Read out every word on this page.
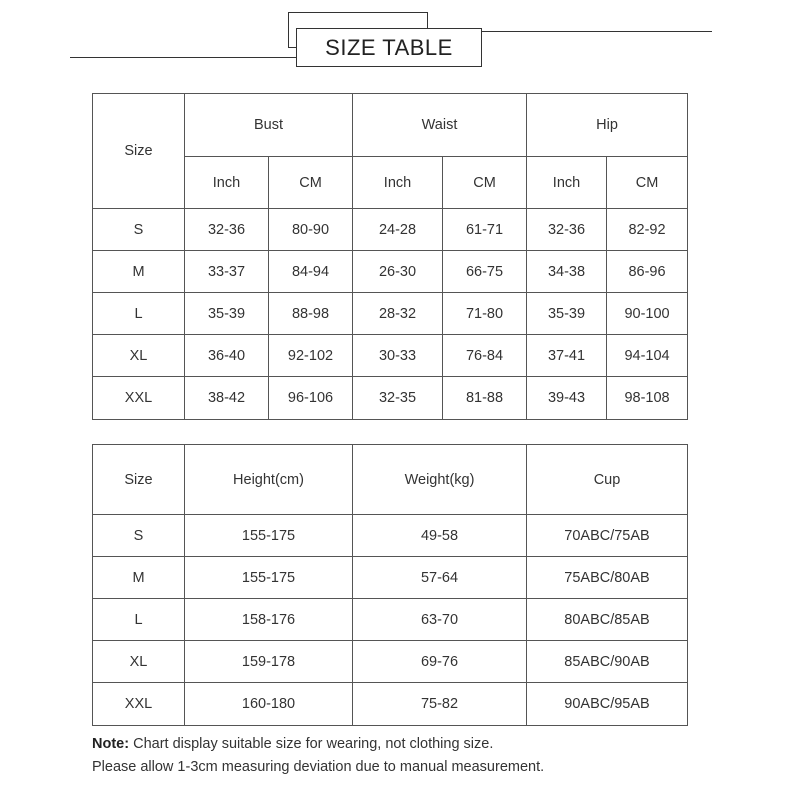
SIZE TABLE
Size	Bust		Waist		Hip	
	Inch	CM	Inch	CM	Inch	CM
S	32-36	80-90	24-28	61-71	32-36	82-92
M	33-37	84-94	26-30	66-75	34-38	86-96
L	35-39	88-98	28-32	71-80	35-39	90-100
XL	36-40	92-102	30-33	76-84	37-41	94-104
XXL	38-42	96-106	32-35	81-88	39-43	98-108
Size	Height(cm)	Weight(kg)	Cup
S	155-175	49-58	70ABC/75AB
M	155-175	57-64	75ABC/80AB
L	158-176	63-70	80ABC/85AB
XL	159-178	69-76	85ABC/90AB
XXL	160-180	75-82	90ABC/95AB
Note: Chart display suitable size for wearing, not clothing size.
Please allow 1-3cm measuring deviation due to manual measurement.
